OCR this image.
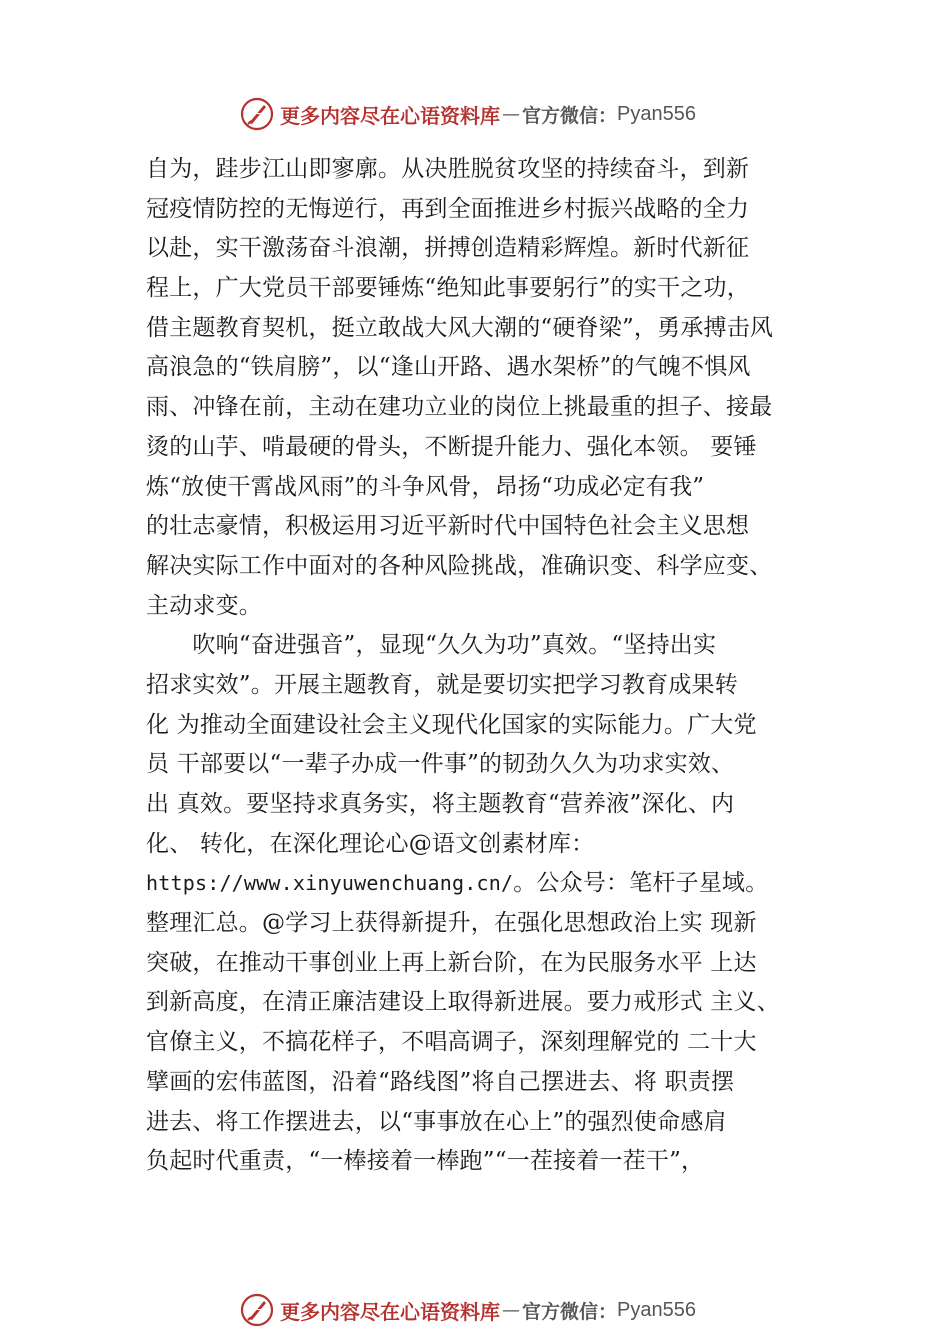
更多内容尽在心语资料库 — 官方微信： Pyan556
自为，跬步江山即寥廓。从决胜脱贫攻坚的持续奋斗，到新
冠疫情防控的无悔逆行，再到全面推进乡村振兴战略的全力
以赴，实干激荡奋斗浪潮，拼搏创造精彩辉煌。新时代新征
程上，广大党员干部要锤炼“绝知此事要躬行”的实干之功，
借主题教育契机，挺立敢战大风大潮的“硬脊梁”，勇承搏击风
高浪急的“铁肩膀”，以“逢山开路、遇水架桥”的气魄不惧风
雨、冲锋在前，主动在建功立业的岗位上挑最重的担子、接最
烫的山芋、啃最硬的骨头，不断提升能力、强化本领。 要锤
炼“放使干霄战风雨”的斗争风骨，昂扬“功成必定有我”
的壮志豪情，积极运用习近平新时代中国特色社会主义思想
解决实际工作中面对的各种风险挑战，准确识变、科学应变、
主动求变。
　　吹响“奋进强音”，显现“久久为功”真效。“坚持出实
招求实效”。开展主题教育，就是要切实把学习教育成果转
化 为推动全面建设社会主义现代化国家的实际能力。广大党
员 干部要以“一辈子办成一件事”的韧劲久久为功求实效、
出 真效。要坚持求真务实，将主题教育“营养液”深化、内
化、 转化，在深化理论心@语文创素材库：
https://www.xinyuwenchuang.cn/。公众号：笔杆子星域。
整理汇总。@学习上获得新提升，在强化思想政治上实 现新
突破，在推动干事创业上再上新台阶，在为民服务水平 上达
到新高度，在清正廉洁建设上取得新进展。要力戒形式 主义、
官僚主义，不搞花样子，不唱高调子，深刻理解党的 二十大
擘画的宏伟蓝图，沿着“路线图”将自己摆进去、将 职责摆
进去、将工作摆进去，以“事事放在心上”的强烈使命感肩
负起时代重责，“一棒接着一棒跑”“一茬接着一茬干”，
更多内容尽在心语资料库 — 官方微信： Pyan556
